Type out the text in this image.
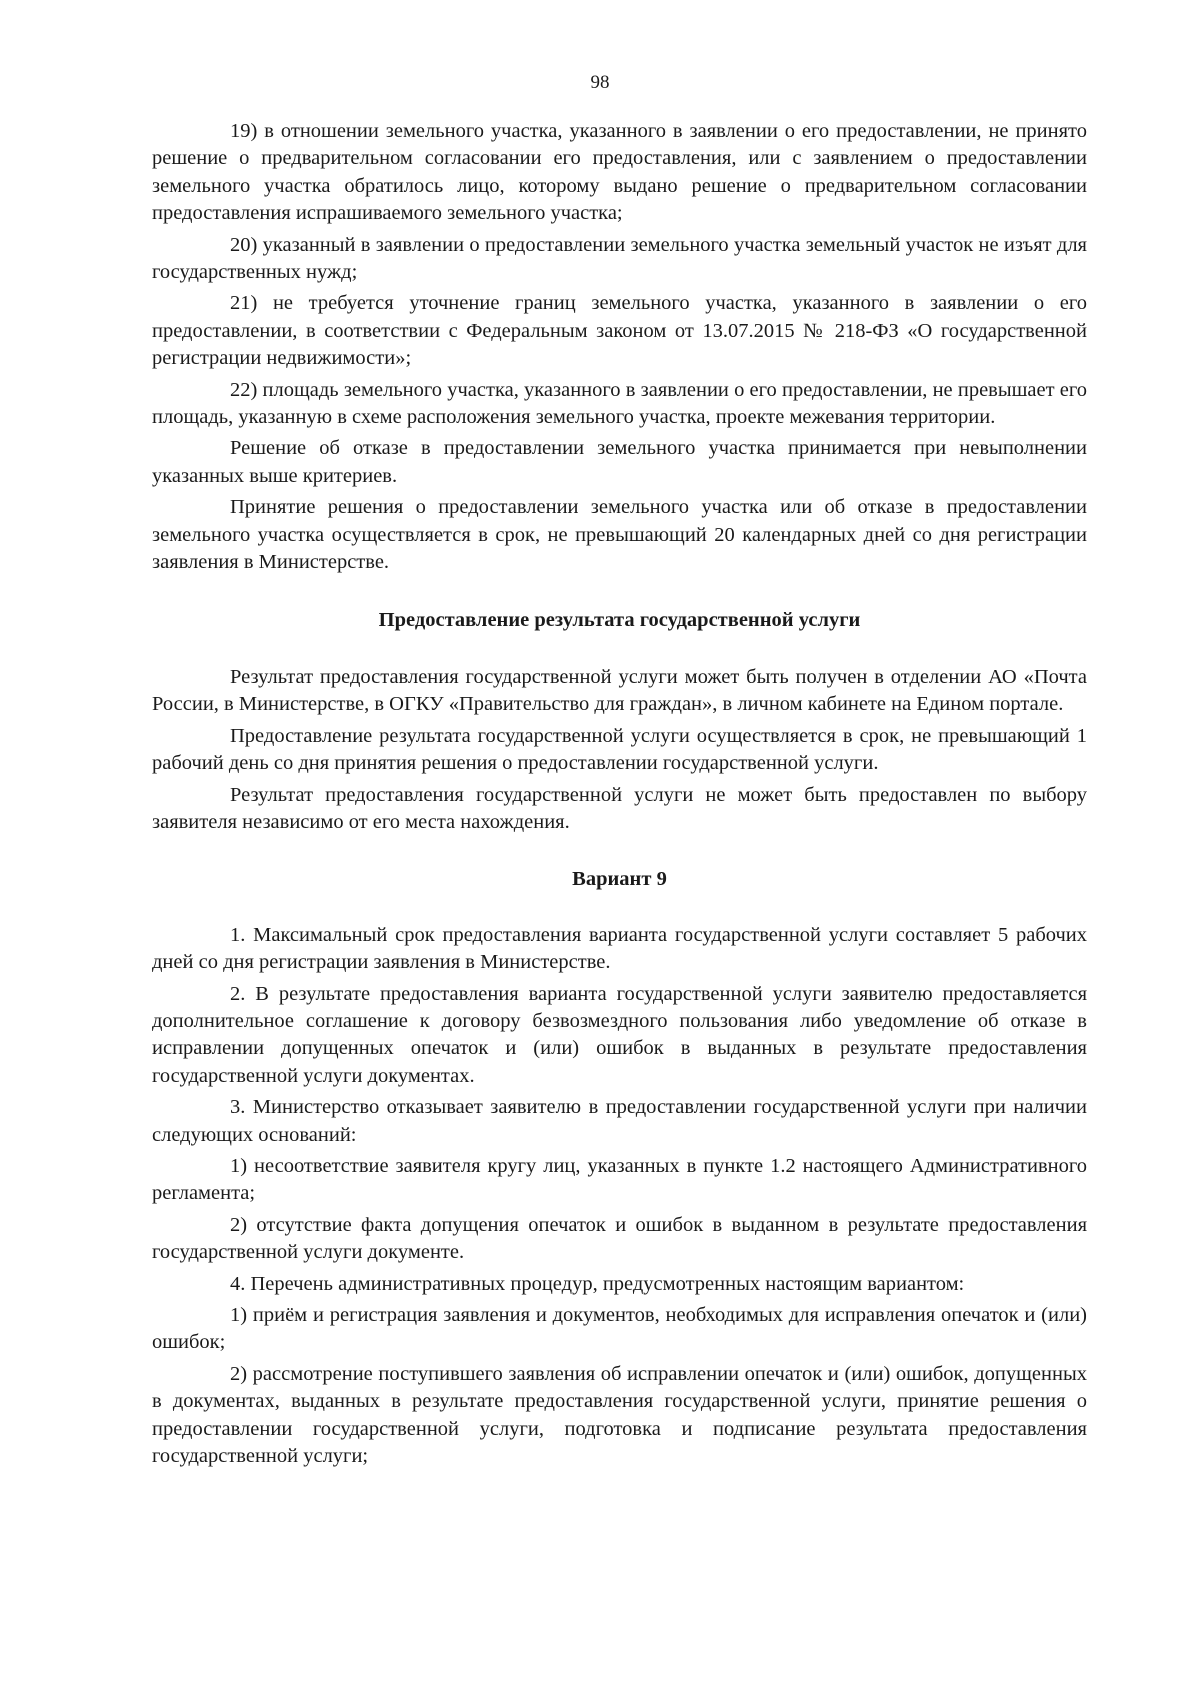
98

19) в отношении земельного участка, указанного в заявлении о его предоставлении, не принято решение о предварительном согласовании его предоставления, или с заявлением о предоставлении земельного участка обратилось лицо, которому выдано решение о предварительном согласовании предоставления испрашиваемого земельного участка;

20) указанный в заявлении о предоставлении земельного участка земельный участок не изъят для государственных нужд;

21) не требуется уточнение границ земельного участка, указанного в заявлении о его предоставлении, в соответствии с Федеральным законом от 13.07.2015 № 218-ФЗ «О государственной регистрации недвижимости»;

22) площадь земельного участка, указанного в заявлении о его предоставлении, не превышает его площадь, указанную в схеме расположения земельного участка, проекте межевания территории.

Решение об отказе в предоставлении земельного участка принимается при невыполнении указанных выше критериев.

Принятие решения о предоставлении земельного участка или об отказе в предоставлении земельного участка осуществляется в срок, не превышающий 20 календарных дней со дня регистрации заявления в Министерстве.

Предоставление результата государственной услуги

Результат предоставления государственной услуги может быть получен в отделении АО «Почта России, в Министерстве, в ОГКУ «Правительство для граждан», в личном кабинете на Едином портале.

Предоставление результата государственной услуги осуществляется в срок, не превышающий 1 рабочий день со дня принятия решения о предоставлении государственной услуги.

Результат предоставления государственной услуги не может быть предоставлен по выбору заявителя независимо от его места нахождения.

Вариант 9

1. Максимальный срок предоставления варианта государственной услуги составляет 5 рабочих дней со дня регистрации заявления в Министерстве.

2. В результате предоставления варианта государственной услуги заявителю предоставляется дополнительное соглашение к договору безвозмездного пользования либо уведомление об отказе в исправлении допущенных опечаток и (или) ошибок в выданных в результате предоставления государственной услуги документах.

3. Министерство отказывает заявителю в предоставлении государственной услуги при наличии следующих оснований:

1) несоответствие заявителя кругу лиц, указанных в пункте 1.2 настоящего Административного регламента;

2) отсутствие факта допущения опечаток и ошибок в выданном в результате предоставления государственной услуги документе.

4. Перечень административных процедур, предусмотренных настоящим вариантом:

1) приём и регистрация заявления и документов, необходимых для исправления опечаток и (или) ошибок;

2) рассмотрение поступившего заявления об исправлении опечаток и (или) ошибок, допущенных в документах, выданных в результате предоставления государственной услуги, принятие решения о предоставлении государственной услуги, подготовка и подписание результата предоставления государственной услуги;
